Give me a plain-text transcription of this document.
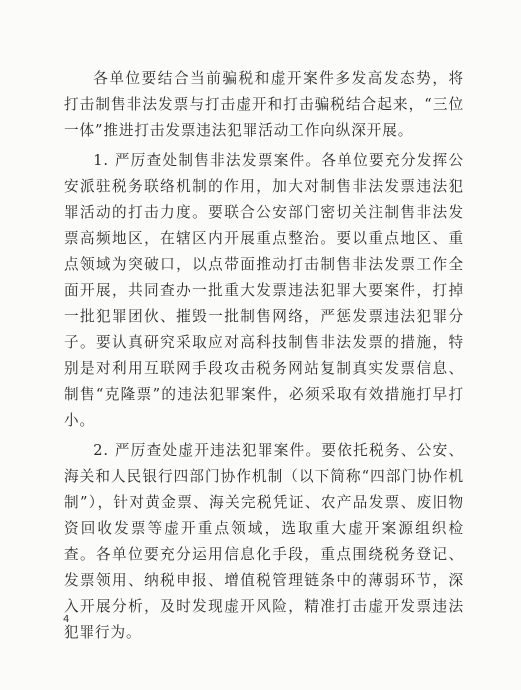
各单位要结合当前骗税和虚开案件多发高发态势，将打击制售非法发票与打击虚开和打击骗税结合起来，“三位一体”推进打击发票违法犯罪活动工作向纵深开展。

1. 严厉查处制售非法发票案件。各单位要充分发挥公安派驻税务联络机制的作用，加大对制售非法发票违法犯罪活动的打击力度。要联合公安部门密切关注制售非法发票高频地区，在辖区内开展重点整治。要以重点地区、重点领域为突破口，以点带面推动打击制售非法发票工作全面开展，共同查办一批重大发票违法犯罪大要案件，打掉一批犯罪团伙、摧毁一批制售网络，严惩发票违法犯罪分子。要认真研究采取应对高科技制售非法发票的措施，特别是对利用互联网手段攻击税务网站复制真实发票信息、制售“克隆票”的违法犯罪案件，必须采取有效措施打早打小。

2. 严厉查处虚开违法犯罪案件。要依托税务、公安、海关和人民银行四部门协作机制（以下简称“四部门协作机制”），针对黄金票、海关完税凭证、农产品发票、废旧物资回收发票等虚开重点领域，选取重大虚开案源组织检查。各单位要充分运用信息化手段，重点围绕税务登记、发票领用、纳税申报、增值税管理链条中的薄弱环节，深入开展分析，及时发现虚开风险，精准打击虚开发票违法犯罪行为。

4
